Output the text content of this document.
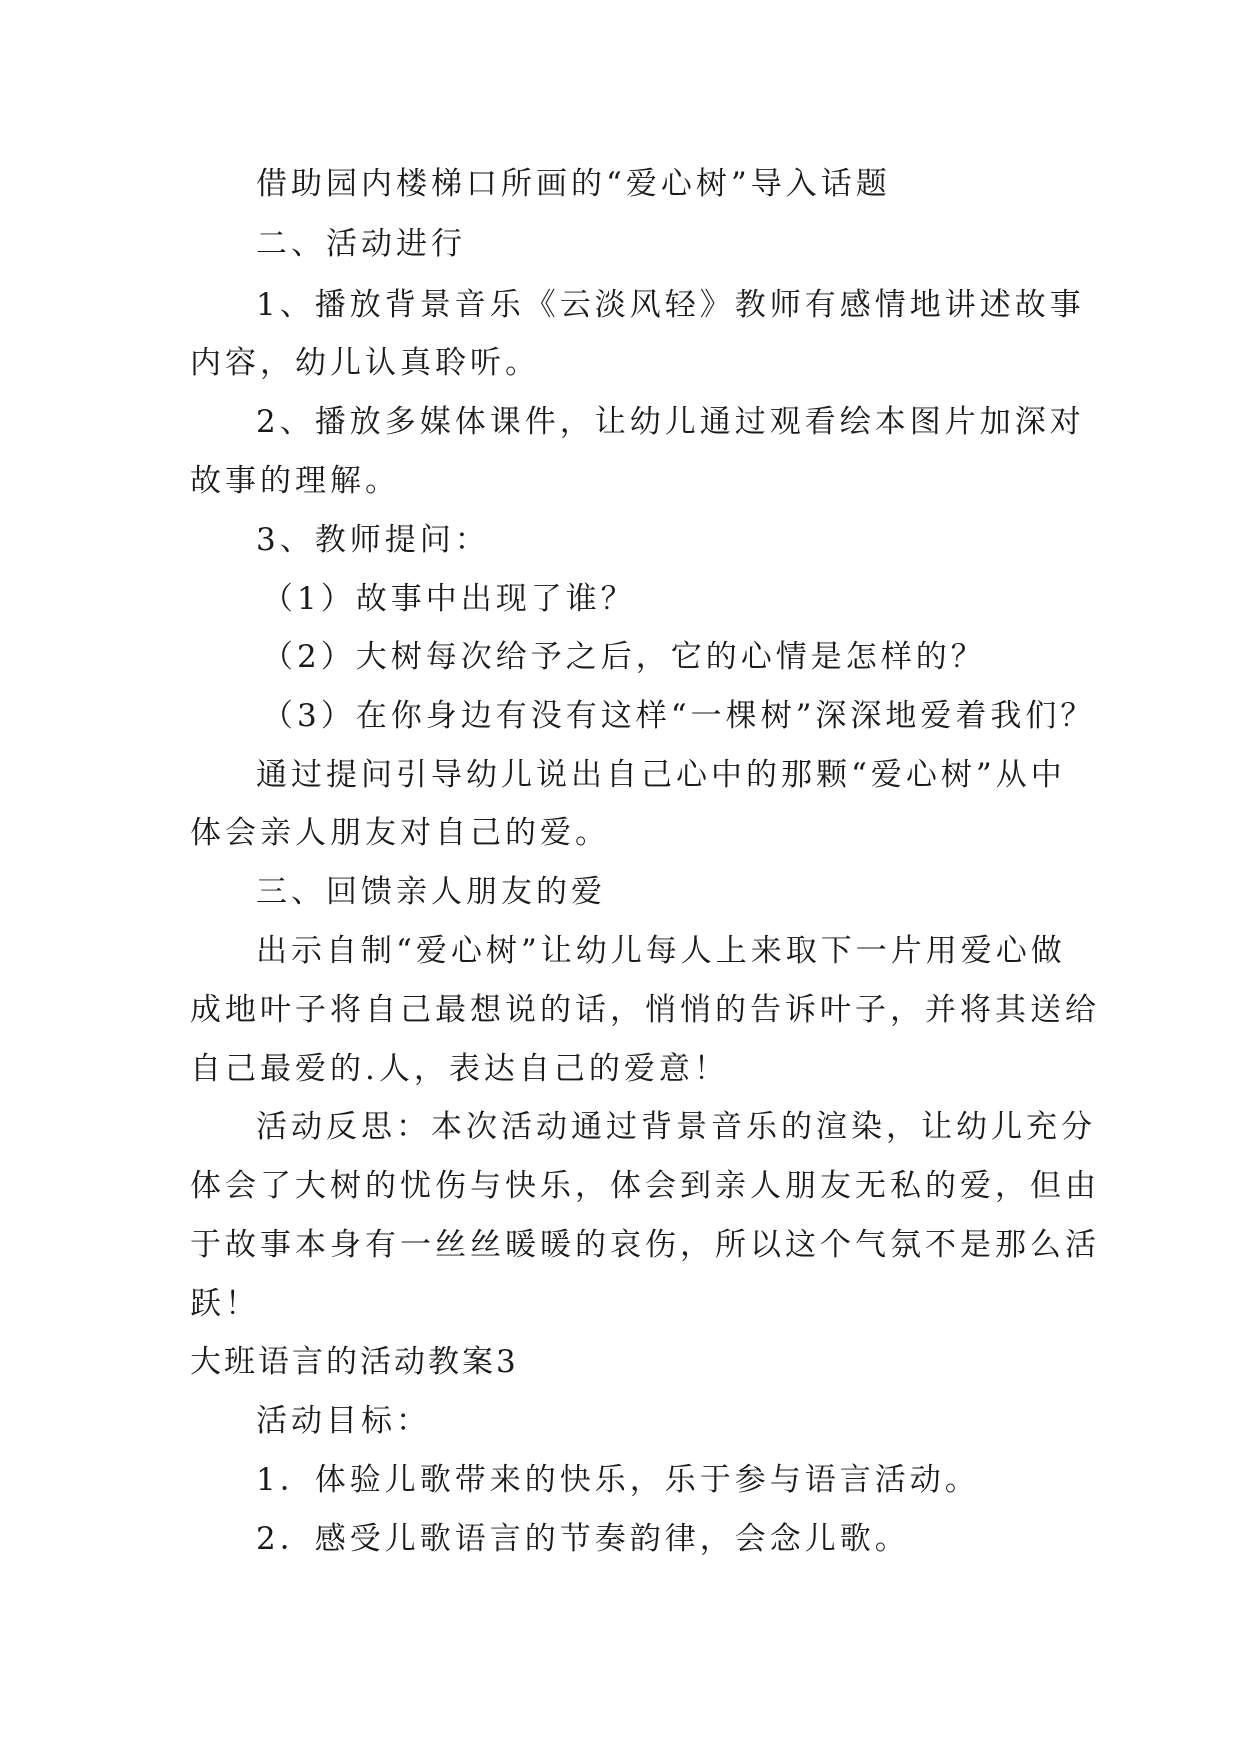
借助园内楼梯口所画的“爱心树”导入话题
二、活动进行
1、播放背景音乐《云淡风轻》教师有感情地讲述故事
内容，幼儿认真聆听。
2、播放多媒体课件，让幼儿通过观看绘本图片加深对
故事的理解。
3、教师提问：
（1）故事中出现了谁？
（2）大树每次给予之后，它的心情是怎样的？
（3）在你身边有没有这样“一棵树”深深地爱着我们？
通过提问引导幼儿说出自己心中的那颗“爱心树”从中
体会亲人朋友对自己的爱。
三、回馈亲人朋友的爱
出示自制“爱心树”让幼儿每人上来取下一片用爱心做
成地叶子将自己最想说的话，悄悄的告诉叶子，并将其送给
自己最爱的.人，表达自己的爱意！
活动反思：本次活动通过背景音乐的渲染，让幼儿充分
体会了大树的忧伤与快乐，体会到亲人朋友无私的爱，但由
于故事本身有一丝丝暖暖的哀伤，所以这个气氛不是那么活
跃！
大班语言的活动教案3
活动目标：
1．体验儿歌带来的快乐，乐于参与语言活动。
2．感受儿歌语言的节奏韵律，会念儿歌。
